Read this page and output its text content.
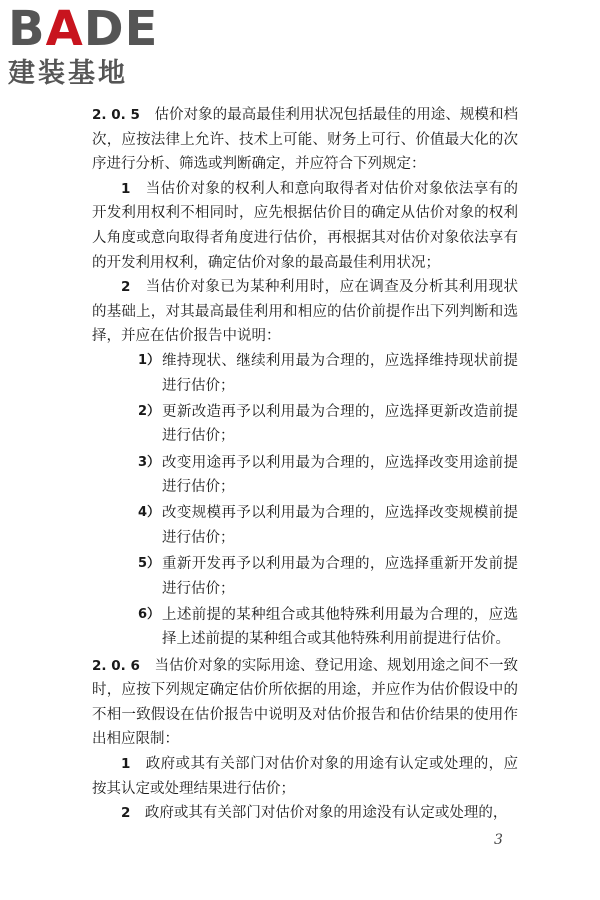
BADE
建装基地

2. 0. 5　 估价对象的最高最佳利用状况包括最佳的用途、规模和档次，应按法律上允许、技术上可能、财务上可行、价值最大化的次序进行分析、筛选或判断确定，并应符合下列规定：

1　 当估价对象的权利人和意向取得者对估价对象依法享有的开发利用权利不相同时，应先根据估价目的确定从估价对象的权利人角度或意向取得者角度进行估价，再根据其对估价对象依法享有的开发利用权利，确定估价对象的最高最佳利用状况；

2　 当估价对象已为某种利用时，应在调查及分析其利用现状的基础上，对其最高最佳利用和相应的估价前提作出下列判断和选择，并应在估价报告中说明：

1） 维持现状、继续利用最为合理的，应选择维持现状前提进行估价；
2） 更新改造再予以利用最为合理的，应选择更新改造前提进行估价；
3） 改变用途再予以利用最为合理的，应选择改变用途前提进行估价；
4） 改变规模再予以利用最为合理的，应选择改变规模前提进行估价；
5） 重新开发再予以利用最为合理的，应选择重新开发前提进行估价；
6） 上述前提的某种组合或其他特殊利用最为合理的，应选择上述前提的某种组合或其他特殊利用前提进行估价。

2. 0. 6　 当估价对象的实际用途、登记用途、规划用途之间不一致时，应按下列规定确定估价所依据的用途，并应作为估价假设中的不相一致假设在估价报告中说明及对估价报告和估价结果的使用作出相应限制：

1　 政府或其有关部门对估价对象的用途有认定或处理的，应按其认定或处理结果进行估价；

2　 政府或其有关部门对估价对象的用途没有认定或处理的，

3
